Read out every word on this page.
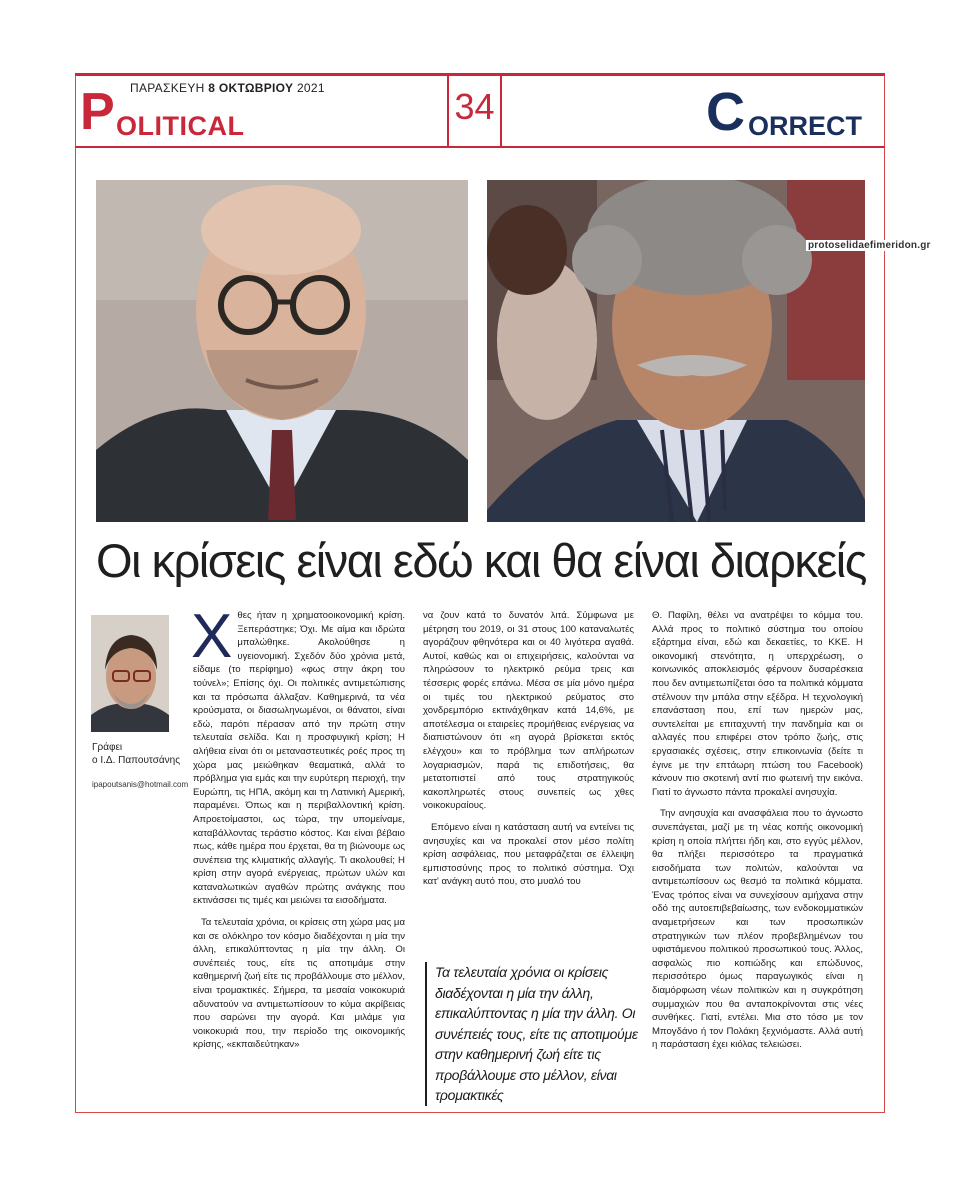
ΠΑΡΑΣΚΕΥΗ 8 ΟΚΤΩΒΡΙΟΥ 2021
P OLITICAL	34	C ORRECT
protoselidaefimeridon.gr
Οι κρίσεις είναι εδώ και θα είναι διαρκείς
Γράφει
ο Ι.Δ. Παπουτσάνης
ipapoutsanis@hotmail.com

Χθες ήταν η χρηματοοικονομική κρίση. Ξεπεράστηκε; Όχι. Με αίμα και ιδρώτα μπαλώθηκε. Ακολούθησε η υγειονομική. Σχεδόν δύο χρόνια μετά, είδαμε (το περίφημο) «φως στην άκρη του τούνελ»; Επίσης όχι. Οι πολιτικές αντιμετώπισης και τα πρόσωπα άλλαξαν. Καθημερινά, τα νέα κρούσματα, οι διασωληνωμένοι, οι θάνατοι, είναι εδώ, παρότι πέρασαν από την πρώτη στην τελευταία σελίδα. Και η προσφυγική κρίση; Η αλήθεια είναι ότι οι μεταναστευτικές ροές προς τη χώρα μας μειώθηκαν θεαματικά, αλλά το πρόβλημα για εμάς και την ευρύτερη περιοχή, την Ευρώπη, τις ΗΠΑ, ακόμη και τη Λατινική Αμερική, παραμένει. Όπως και η περιβαλλοντική κρίση. Απροετοίμαστοι, ως τώρα, την υπομείναμε, καταβάλλοντας τεράστιο κόστος. Και είναι βέβαιο πως, κάθε ημέρα που έρχεται, θα τη βιώνουμε ως συνέπεια της κλιματικής αλλαγής. Τι ακολουθεί; Η κρίση στην αγορά ενέργειας, πρώτων υλών και καταναλωτικών αγαθών πρώτης ανάγκης που εκτινάσσει τις τιμές και μειώνει τα εισοδήματα.

Τα τελευταία χρόνια, οι κρίσεις στη χώρα μας μα και σε ολόκληρο τον κόσμο διαδέχονται η μία την άλλη, επικαλύπτοντας η μία την άλλη. Οι συνέπειές τους, είτε τις αποτιμάμε στην καθημερινή ζωή είτε τις προβάλλουμε στο μέλλον, είναι τρομακτικές. Σήμερα, τα μεσαία νοικοκυριά αδυνατούν να αντιμετωπίσουν το κύμα ακρίβειας που σαρώνει την αγορά. Και μιλάμε για νοικοκυριά που, την περίοδο της οικονομικής κρίσης, «εκπαιδεύτηκαν»

να ζουν κατά το δυνατόν λιτά. Σύμφωνα με μέτρηση του 2019, οι 31 στους 100 καταναλωτές αγοράζουν φθηνότερα και οι 40 λιγότερα αγαθά. Αυτοί, καθώς και οι επιχειρήσεις, καλούνται να πληρώσουν το ηλεκτρικό ρεύμα τρεις και τέσσερις φορές επάνω. Μέσα σε μία μόνο ημέρα οι τιμές του ηλεκτρικού ρεύματος στο χονδρεμπόριο εκτινάχθηκαν κατά 14,6%, με αποτέλεσμα οι εταιρείες προμήθειας ενέργειας να διαπιστώνουν ότι «η αγορά βρίσκεται εκτός ελέγχου» και το πρόβλημα των απλήρωτων λογαριασμών, παρά τις επιδοτήσεις, θα μετατοπιστεί από τους στρατηγικούς κακοπληρωτές στους συνεπείς ως χθες νοικοκυραίους.

Επόμενο είναι η κατάσταση αυτή να εντείνει τις ανησυχίες και να προκαλεί στον μέσο πολίτη κρίση ασφάλειας, που μεταφράζεται σε έλλειψη εμπιστοσύνης προς το πολιτικό σύστημα. Όχι κατ' ανάγκη αυτό που, στο μυαλό του

Τα τελευταία χρόνια οι κρίσεις διαδέχονται η μία την άλλη, επικαλύπτοντας η μία την άλλη. Οι συνέπειές τους, είτε τις αποτιμούμε στην καθημερινή ζωή είτε τις προβάλλουμε στο μέλλον, είναι τρομακτικές

Θ. Παφίλη, θέλει να ανατρέψει το κόμμα του. Αλλά προς το πολιτικό σύστημα του οποίου εξάρτημα είναι, εδώ και δεκαετίες, το ΚΚΕ. Η οικονομική στενότητα, η υπερχρέωση, ο κοινωνικός αποκλεισμός φέρνουν δυσαρέσκεια που δεν αντιμετωπίζεται όσο τα πολιτικά κόμματα στέλνουν την μπάλα στην εξέδρα. Η τεχνολογική επανάσταση που, επί των ημερών μας, συντελείται με επιταχυντή την πανδημία και οι αλλαγές που επιφέρει στον τρόπο ζωής, στις εργασιακές σχέσεις, στην επικοινωνία (δείτε τι έγινε με την επτάωρη πτώση του Facebook) κάνουν πιο σκοτεινή αντί πιο φωτεινή την εικόνα. Γιατί το άγνωστο πάντα προκαλεί ανησυχία.

Την ανησυχία και ανασφάλεια που το άγνωστο συνεπάγεται, μαζί με τη νέας κοπής οικονομική κρίση η οποία πλήττει ήδη και, στο εγγύς μέλλον, θα πλήξει περισσότερο τα πραγματικά εισοδήματα των πολιτών, καλούνται να αντιμετωπίσουν ως θεσμό τα πολιτικά κόμματα. Ένας τρόπος είναι να συνεχίσουν αμήχανα στην οδό της αυτοεπιβεβαίωσης, των ενδοκομματικών αναμετρήσεων και των προσωπικών στρατηγικών των πλέον προβεβλημένων του υφιστάμενου πολιτικού προσωπικού τους. Άλλος, ασφαλώς πιο κοπιώδης και επώδυνος, περισσότερο όμως παραγωγικός είναι η διαμόρφωση νέων πολιτικών και η συγκρότηση συμμαχιών που θα ανταποκρίνονται στις νέες συνθήκες. Γιατί, εντέλει. Μια στο τόσο με τον Μπογδάνο ή τον Πολάκη ξεχνιόμαστε. Αλλά αυτή η παράσταση έχει κιόλας τελειώσει.
